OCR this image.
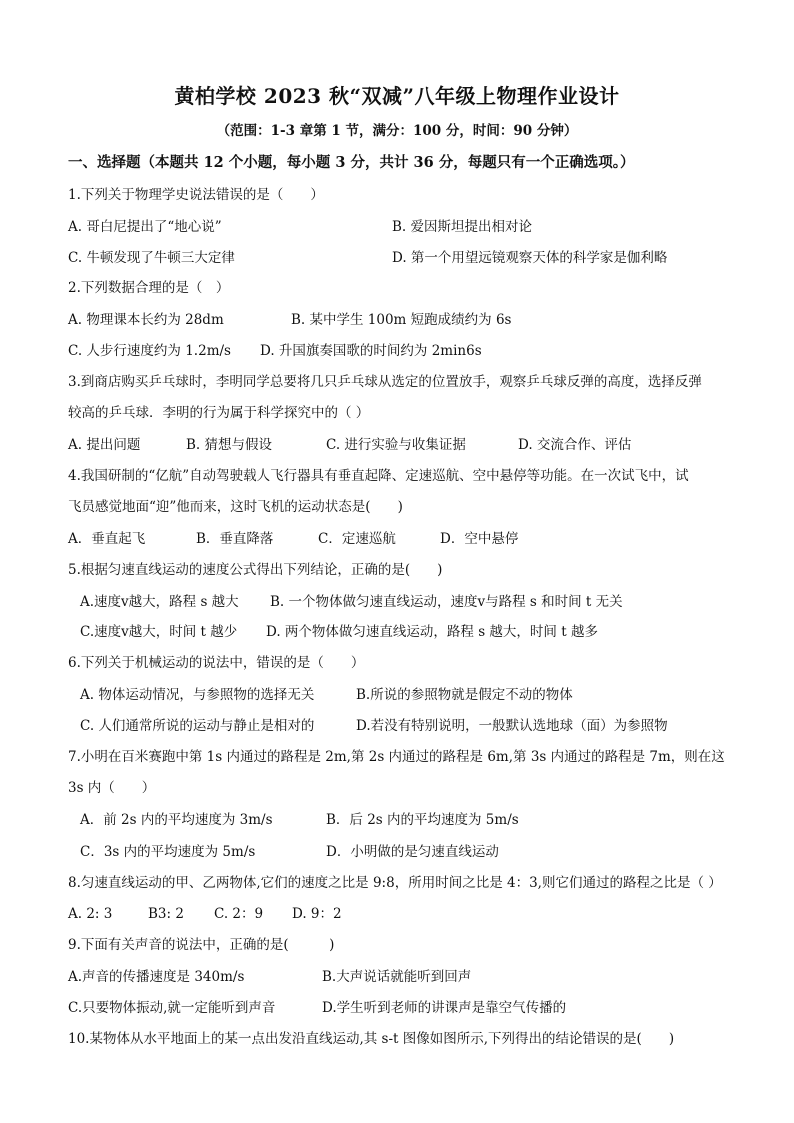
黄柏学校 2023 秋“双减”八年级上物理作业设计
（范围：1-3 章第 1 节，满分：100 分，时间：90 分钟）
一、选择题（本题共 12 个小题，每小题 3 分，共计 36 分，每题只有一个正确选项。）
1.下列关于物理学史说法错误的是（　　）
A. 哥白尼提出了“地心说”	B. 爱因斯坦提出相对论
C. 牛顿发现了牛顿三大定律	D. 第一个用望远镜观察天体的科学家是伽利略
2.下列数据合理的是（　）
A. 物理课本长约为 28dm	B. 某中学生 100m 短跑成绩约为 6s
C. 人步行速度约为 1.2m/s D. 升国旗奏国歌的时间约为 2min6s
3.到商店购买乒乓球时，李明同学总要将几只乒乓球从选定的位置放手，观察乒乓球反弹的高度，选择反弹
较高的乒乓球．李明的行为属于科学探究中的（ ）
A. 提出问题	B. 猜想与假设	C. 进行实验与收集证据	D. 交流合作、评估
4.我国研制的“亿航”自动驾驶载人飞行器具有垂直起降、定速巡航、空中悬停等功能。在一次试飞中，试
飞员感觉地面“迎”他而来，这时飞机的运动状态是(　　)
A．垂直起飞	B．垂直降落	C．定速巡航	D．空中悬停
5.根据匀速直线运动的速度公式得出下列结论，正确的是(　　)
A.速度v越大，路程 s 越大 B. 一个物体做匀速直线运动，速度v与路程 s 和时间 t 无关
C.速度v越大，时间 t 越少 D. 两个物体做匀速直线运动，路程 s 越大，时间 t 越多
6.下列关于机械运动的说法中，错误的是（　　）
A. 物体运动情况，与参照物的选择无关	B.所说的参照物就是假定不动的物体
C. 人们通常所说的运动与静止是相对的	D.若没有特别说明，一般默认选地球（面）为参照物
7.小明在百米赛跑中第 1s 内通过的路程是 2m,第 2s 内通过的路程是 6m,第 3s 内通过的路程是 7m，则在这
3s 内（　　）
A．前 2s 内的平均速度为 3m/s	B．后 2s 内的平均速度为 5m/s
C．3s 内的平均速度为 5m/s	D．小明做的是匀速直线运动
8.匀速直线运动的甲、乙两物体,它们的速度之比是 9:8，所用时间之比是 4：3,则它们通过的路程之比是（ ）
A. 2: 3	B3: 2 C. 2：9 D. 9：2
9.下面有关声音的说法中，正确的是(　　　)
A.声音的传播速度是 340m/s	B.大声说话就能听到回声
C.只要物体振动,就一定能听到声音	D.学生听到老师的讲课声是靠空气传播的
10.某物体从水平地面上的某一点出发沿直线运动,其 s-t 图像如图所示,下列得出的结论错误的是(　　)
